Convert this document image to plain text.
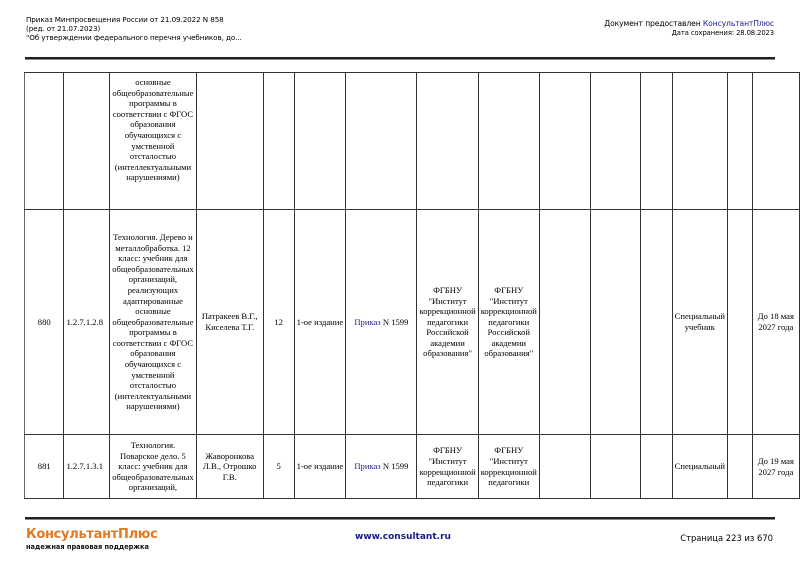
Приказ Минпросвещения России от 21.09.2022 N 858
(ред. от 21.07.2023)
"Об утверждении федерального перечня учебников, до...
Документ предоставлен КонсультантПлюс
Дата сохранения: 28.08.2023
		основные общеобразовательные программы в соответствии с ФГОС образования обучающихся с умственной отсталостью (интеллектуальными нарушениями)												
880	1.2.7.1.2.8	Технология. Дерево и металлобработка. 12 класс: учебник для общеобразовательных организаций, реализующих адаптированные основные общеобразовательные программы в соответствии с ФГОС образования обучающихся с умственной отсталостью (интеллектуальными нарушениями)	Патракеев В.Г., Киселева Т.Г.	12	1-ое издание	Приказ N 1599	ФГБНУ "Институт коррекционной педагогики Российской академии образования"	ФГБНУ "Институт коррекционной педагогики Российской академии образования"				Специальный учебник		До 18 мая 2027 года
881	1.2.7.1.3.1	Технология. Поварское дело. 5 класс: учебник для общеобразовательных организаций,	Жаворонкова Л.В., Отрошко Г.В.	5	1-ое издание	Приказ N 1599	ФГБНУ "Институт коррекционной педагогики	ФГБНУ "Институт коррекционной педагогики				Специальный		До 19 мая 2027 года
КонсультантПлюс
надежная правовая поддержка
www.consultant.ru	Страница 223 из 670
